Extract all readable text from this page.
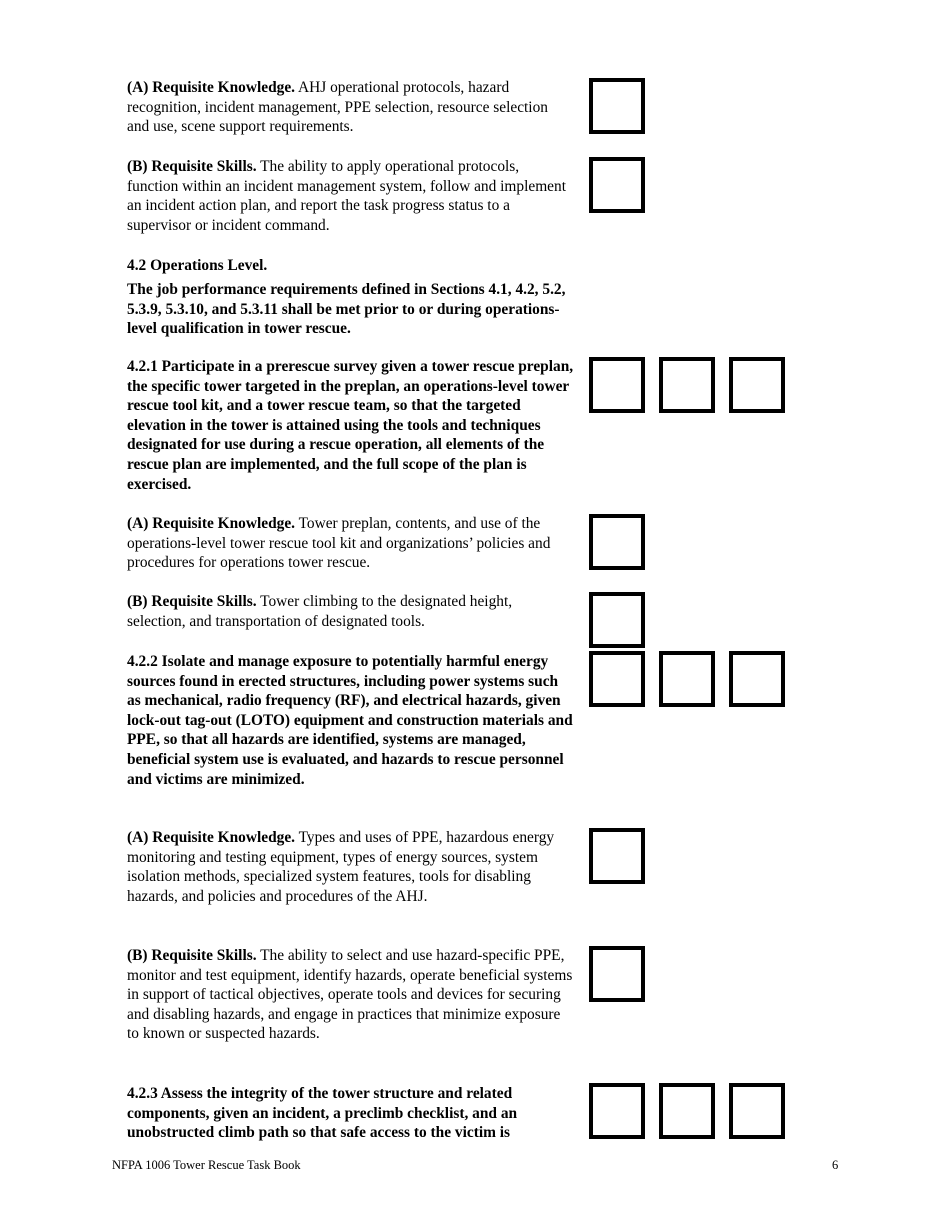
(A) Requisite Knowledge. AHJ operational protocols, hazard recognition, incident management, PPE selection, resource selection and use, scene support requirements.
(B) Requisite Skills. The ability to apply operational protocols, function within an incident management system, follow and implement an incident action plan, and report the task progress status to a supervisor or incident command.
4.2 Operations Level.
The job performance requirements defined in Sections 4.1, 4.2, 5.2, 5.3.9, 5.3.10, and 5.3.11 shall be met prior to or during operations-level qualification in tower rescue.
4.2.1 Participate in a prerescue survey given a tower rescue preplan, the specific tower targeted in the preplan, an operations-level tower rescue tool kit, and a tower rescue team, so that the targeted elevation in the tower is attained using the tools and techniques designated for use during a rescue operation, all elements of the rescue plan are implemented, and the full scope of the plan is exercised.
(A) Requisite Knowledge. Tower preplan, contents, and use of the operations-level tower rescue tool kit and organizations’ policies and procedures for operations tower rescue.
(B) Requisite Skills. Tower climbing to the designated height, selection, and transportation of designated tools.
4.2.2 Isolate and manage exposure to potentially harmful energy sources found in erected structures, including power systems such as mechanical, radio frequency (RF), and electrical hazards, given lock-out tag-out (LOTO) equipment and construction materials and PPE, so that all hazards are identified, systems are managed, beneficial system use is evaluated, and hazards to rescue personnel and victims are minimized.
(A) Requisite Knowledge. Types and uses of PPE, hazardous energy monitoring and testing equipment, types of energy sources, system isolation methods, specialized system features, tools for disabling hazards, and policies and procedures of the AHJ.
(B) Requisite Skills. The ability to select and use hazard-specific PPE, monitor and test equipment, identify hazards, operate beneficial systems in support of tactical objectives, operate tools and devices for securing and disabling hazards, and engage in practices that minimize exposure to known or suspected hazards.
4.2.3 Assess the integrity of the tower structure and related components, given an incident, a preclimb checklist, and an unobstructed climb path so that safe access to the victim is
NFPA 1006 Tower Rescue Task Book	6
